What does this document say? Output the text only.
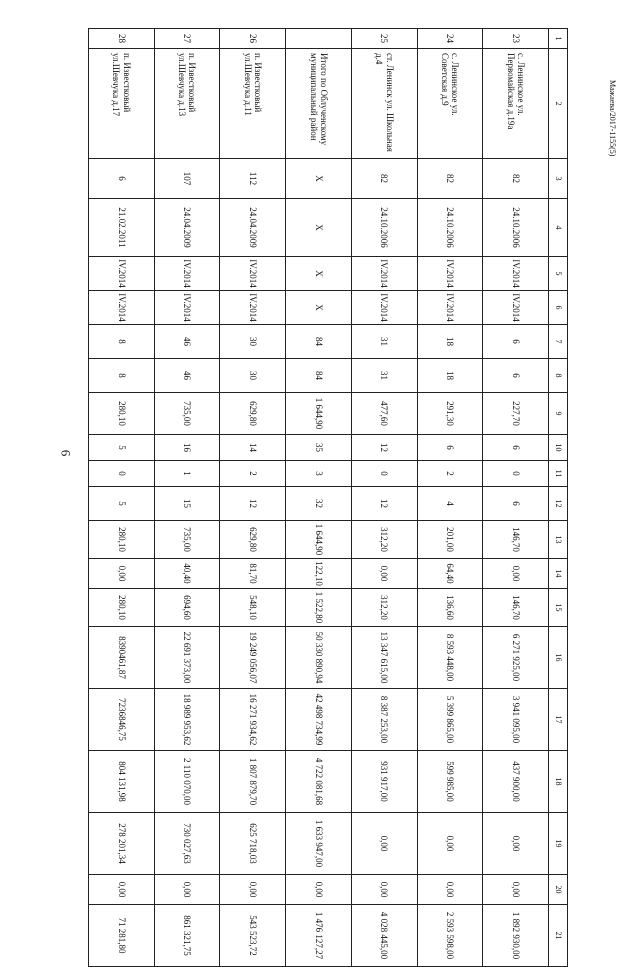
6
Мажаева/2017-1155(5)
1	2	3	4	5	6	7	8	9	10	11	12	13	14	15	16	17	18	19	20	21
23	с. Ленинское ул. Первомайская д.19а	82	24.10.2006	IV.2014	IV.2014	6	6	227,70	6	0	6	146,70	0,00	146,70	6 271 925,00	3 941 095,00	437 900,00	0,00	0,00	1 892 930,00
24	с. Ленинское ул. Советская д.9	82	24.10.2006	IV.2014	IV.2014	18	18	291,30	6	2	4	201,00	64,40	136,60	8 593 448,00	5 399 865,00	599 985,00	0,00	0,00	2 593 598,00
25	ст. Ленинск ул. Школьная д.4	82	24.10.2006	IV.2014	IV.2014	31	31	477,60	12	0	12	312,20	0,00	312,20	13 347 615,00	8 387 253,00	931 917,00	0,00	0,00	4 028 445,00
	Итого по Облученскому муниципальный район	X	X	X	X	84	84	1 644,90	35	3	32	1 644,90	122,10	1 522,80	50 330 890,94	42 498 734,99	4 722 081,68	1 633 947,00	0,00	1 476 127,27
26	п. Известковый ул.Шевчука д.11	112	24.04.2009	IV.2014	IV.2014	30	30	629,80	14	2	12	629,80	81,70	548,10	19 249 056,07	16 271 934,62	1 807 879,70	625 718,03	0,00	543 523,72
27	п. Известковый ул.Шевчука д.13	107	24.04.2009	IV.2014	IV.2014	46	46	735,00	16	1	15	735,00	40,40	694,60	22 691 373,00	18 989 953,62	2 110 070,00	730 027,63	0,00	861 321,75
28	п. Известковый ул.Шевчука д.17	6	21.02.2011	IV.2014	IV.2014	8	8	280,10	5	0	5	280,10	0,00	280,10	8390461,87	7236846,75	804 131,98	278 201,34	0,00	71 281,80
